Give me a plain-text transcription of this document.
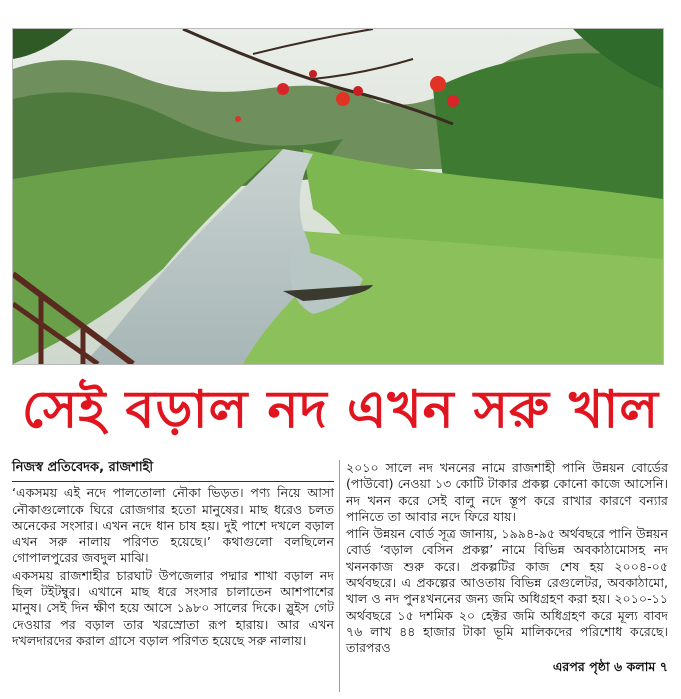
সেই বড়াল নদ এখন সরু খাল
নিজস্ব প্রতিবেদক, রাজশাহী

‘একসময় এই নদে পালতোলা নৌকা ভিড়ত। পণ্য নিয়ে আসা নৌকাগুলোকে ঘিরে রোজগার হতো মানুষের। মাছ ধরেও চলত অনেকের সংসার। এখন নদে ধান চাষ হয়। দুই পাশে দখলে বড়াল এখন সরু নালায় পরিণত হয়েছে।’ কথাগুলো বলছিলেন গোপালপুরের জবদুল মাঝি।

একসময় রাজশাহীর চারঘাট উপজেলার পদ্মার শাখা বড়াল নদ ছিল টইটম্বুর। এখানে মাছ ধরে সংসার চালাতেন আশপাশের মানুষ। সেই দিন ক্ষীণ হয়ে আসে ১৯৮০ সালের দিকে। স্লুইস গেট দেওয়ার পর বড়াল তার খরস্রোতা রূপ হারায়। আর এখন দখলদারদের করাল গ্রাসে বড়াল পরিণত হয়েছে সরু নালায়।

২০১০ সালে নদ খননের নামে রাজশাহী পানি উন্নয়ন বোর্ডের (পাউবো) নেওয়া ১৩ কোটি টাকার প্রকল্প কোনো কাজে আসেনি। নদ খনন করে সেই বালু নদে স্তূপ করে রাখার কারণে বন্যার পানিতে তা আবার নদে ফিরে যায়।

পানি উন্নয়ন বোর্ড সূত্র জানায়, ১৯৯৪-৯৫ অর্থবছরে পানি উন্নয়ন বোর্ড ‘বড়াল বেসিন প্রকল্প’ নামে বিভিন্ন অবকাঠামোসহ নদ খননকাজ শুরু করে। প্রকল্পটির কাজ শেষ হয় ২০০৪-০৫ অর্থবছরে। এ প্রকল্পের আওতায় বিভিন্ন রেগুলেটর, অবকাঠামো, খাল ও নদ পুনঃখননের জন্য জমি অধিগ্রহণ করা হয়। ২০১০-১১ অর্থবছরে ১৫ দশমিক ২০ হেক্টর জমি অধিগ্রহণ করে মূল্য বাবদ ৭৬ লাখ ৪৪ হাজার টাকা ভূমি মালিকদের পরিশোধ করেছে। তারপরও

এরপর পৃষ্ঠা ৬ কলাম ৭
